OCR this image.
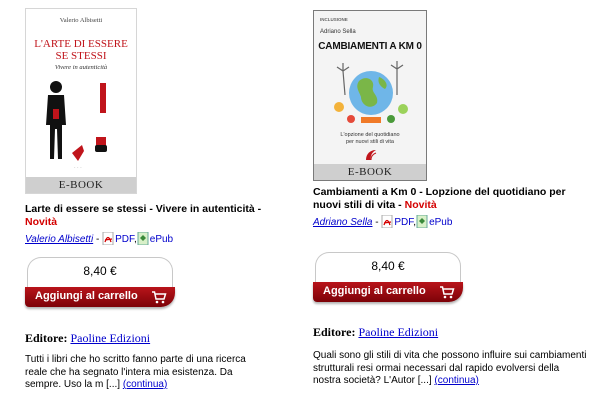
Valerio Albisetti
L'ARTE DI ESSERE
SE STESSI
Vivere in autenticità
· · ·
E-BOOK
Larte di essere se stessi - Vivere in autenticità - Novità
Valerio Albisetti - PDF, ePub
8,40 €
Aggiungi al carrello
Editore: Paoline Edizioni
Tutti i libri che ho scritto fanno parte di una ricerca reale che ha segnato l'intera mia esistenza. Da sempre. Uso la m [...] (continua)
INCLUSIONE
Adriano Sella
CAMBIAMENTI A KM 0
L'opzione del quotidiano
per nuovi stili di vita
E-BOOK
Cambiamenti a Km 0 - Lopzione del quotidiano per nuovi stili di vita - Novità
Adriano Sella - PDF, ePub
8,40 €
Aggiungi al carrello
Editore: Paoline Edizioni
Quali sono gli stili di vita che possono influire sui cambiamenti strutturali resi ormai necessari dal rapido evolversi della nostra società? L'Autor [...] (continua)
